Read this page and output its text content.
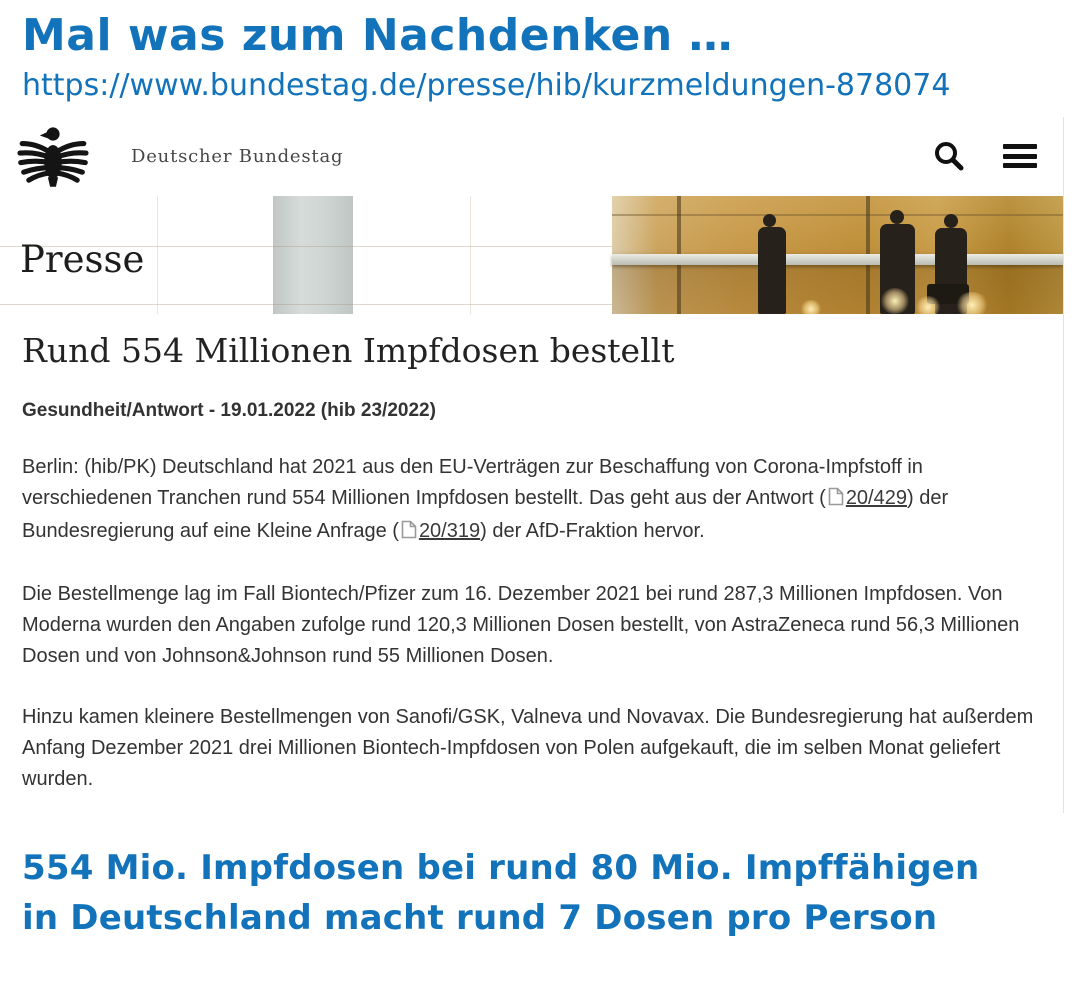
Mal was zum Nachdenken …
https://www.bundestag.de/presse/hib/kurzmeldungen-878074
Deutscher Bundestag
Presse
Rund 554 Millionen Impfdosen bestellt
Gesundheit/Antwort - 19.01.2022 (hib 23/2022)

Berlin: (hib/PK) Deutschland hat 2021 aus den EU-Verträgen zur Beschaffung von Corona-Impfstoff in verschiedenen Tranchen rund 554 Millionen Impfdosen bestellt. Das geht aus der Antwort ( 20/429) der Bundesregierung auf eine Kleine Anfrage ( 20/319) der AfD-Fraktion hervor.

Die Bestellmenge lag im Fall Biontech/Pfizer zum 16. Dezember 2021 bei rund 287,3 Millionen Impfdosen. Von Moderna wurden den Angaben zufolge rund 120,3 Millionen Dosen bestellt, von AstraZeneca rund 56,3 Millionen Dosen und von Johnson&Johnson rund 55 Millionen Dosen.

Hinzu kamen kleinere Bestellmengen von Sanofi/GSK, Valneva und Novavax. Die Bundesregierung hat außerdem Anfang Dezember 2021 drei Millionen Biontech-Impfdosen von Polen aufgekauft, die im selben Monat geliefert wurden.

554 Mio. Impfdosen bei rund 80 Mio. Impffähigen
in Deutschland macht rund 7 Dosen pro Person
